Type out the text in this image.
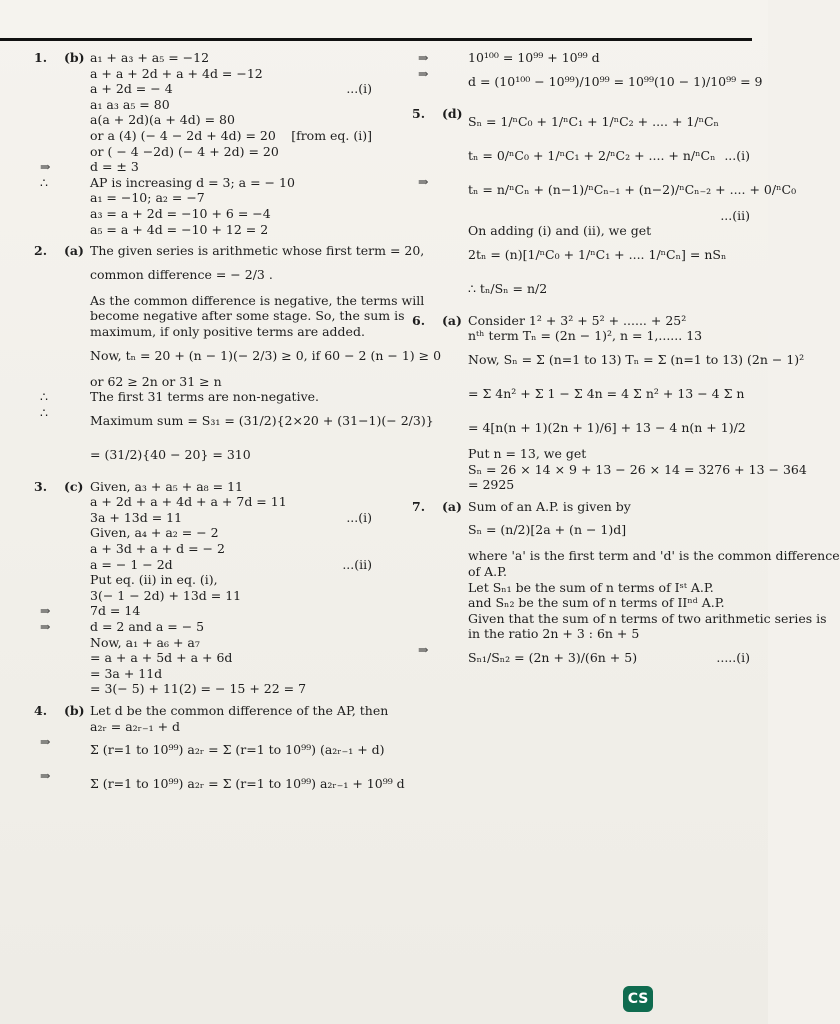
1. (b) a₁ + a₃ + a₅ = −12
a + a + 2d + a + 4d = −12
a + 2d = − 4	...(i)
a₁ a₃ a₅ = 80
a(a + 2d)(a + 4d) = 80
or a (4) (− 4 − 2d + 4d) = 20 [from eq. (i)]
or ( − 4 −2d) (− 4 + 2d) = 20
⇒	d = ± 3
∴	AP is increasing d = 3; a = − 10
a₁ = −10; a₂ = −7
a₃ = a + 2d = −10 + 6 = −4
a₅ = a + 4d = −10 + 12 = 2
2. (a) The given series is arithmetic whose first term = 20,
common difference = − 2/3 .
As the common difference is negative, the terms will
become negative after some stage. So, the sum is
maximum, if only positive terms are added.
Now, tₙ = 20 + (n − 1)(− 2/3) ≥ 0, if 60 − 2 (n − 1) ≥ 0
or 62 ≥ 2n or 31 ≥ n
∴	The first 31 terms are non-negative.
∴
Maximum sum = S₃₁ = (31/2){2×20 + (31−1)(− 2/3)}
= (31/2){40 − 20} = 310
3. (c) Given, a₃ + a₅ + a₈ = 11
a + 2d + a + 4d + a + 7d = 11
3a + 13d = 11	...(i)
Given, a₄ + a₂ = − 2
a + 3d + a + d = − 2
a = − 1 − 2d	...(ii)
Put eq. (ii) in eq. (i),
3(− 1 − 2d) + 13d = 11
⇒	7d = 14
⇒	d = 2 and a = − 5
Now, a₁ + a₆ + a₇
= a + a + 5d + a + 6d
= 3a + 11d
= 3(− 5) + 11(2) = − 15 + 22 = 7
4. (b) Let d be the common difference of the AP, then
a₂ᵣ = a₂ᵣ₋₁ + d
⇒
Σ (r=1 to 10⁹⁹) a₂ᵣ = Σ (r=1 to 10⁹⁹) (a₂ᵣ₋₁ + d)
⇒
Σ (r=1 to 10⁹⁹) a₂ᵣ = Σ (r=1 to 10⁹⁹) a₂ᵣ₋₁ + 10⁹⁹ d
⇒	10¹⁰⁰ = 10⁹⁹ + 10⁹⁹ d
⇒
d = (10¹⁰⁰ − 10⁹⁹)/10⁹⁹ = 10⁹⁹(10 − 1)/10⁹⁹ = 9
5. (d)
Sₙ = 1/ⁿC₀ + 1/ⁿC₁ + 1/ⁿC₂ + .... + 1/ⁿCₙ
tₙ = 0/ⁿC₀ + 1/ⁿC₁ + 2/ⁿC₂ + .... + n/ⁿCₙ ...(i)
⇒
tₙ = n/ⁿCₙ + (n−1)/ⁿCₙ₋₁ + (n−2)/ⁿCₙ₋₂ + .... + 0/ⁿC₀
...(ii)
On adding (i) and (ii), we get
2tₙ = (n)[1/ⁿC₀ + 1/ⁿC₁ + .... 1/ⁿCₙ] = nSₙ
∴ tₙ/Sₙ = n/2
6. (a) Consider 1² + 3² + 5² + ...... + 25²
nᵗʰ term Tₙ = (2n − 1)², n = 1,...... 13
Now, Sₙ = Σ (n=1 to 13) Tₙ = Σ (n=1 to 13) (2n − 1)²
= Σ 4n² + Σ 1 − Σ 4n = 4 Σ n² + 13 − 4 Σ n
= 4[n(n + 1)(2n + 1)/6] + 13 − 4 n(n + 1)/2
Put n = 13, we get
Sₙ = 26 × 14 × 9 + 13 − 26 × 14 = 3276 + 13 − 364
= 2925
7. (a) Sum of an A.P. is given by
Sₙ = (n/2)[2a + (n − 1)d]
where 'a' is the first term and 'd' is the common difference
of A.P.
Let Sₙ₁ be the sum of n terms of Iˢᵗ A.P.
and Sₙ₂ be the sum of n terms of IIⁿᵈ A.P.
Given that the sum of n terms of two arithmetic series is
in the ratio 2n + 3 : 6n + 5
⇒
Sₙ₁/Sₙ₂ = (2n + 3)/(6n + 5)	.....(i)
CS
